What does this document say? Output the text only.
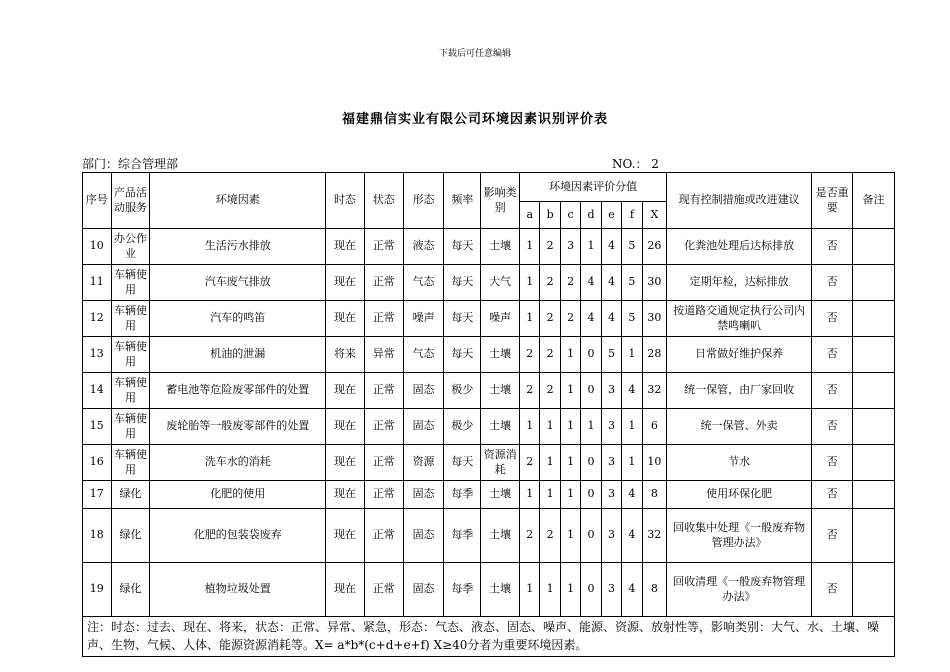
下载后可任意编辑
福建鼎信实业有限公司环境因素识别评价表
部门：综合管理部	NO.： 2
序号	产品活动服务	环境因素	时态	状态	形态	频率	影响类别	环境因素评价分值							现有控制措施或改进建议	是否重要	备注
								a	b	c	d	e	f	X			
10	办公作业	生活污水排放	现在	正常	液态	每天	土壤	1	2	3	1	4	5	26	化粪池处理后达标排放	否	
11	车辆使用	汽车废气排放	现在	正常	气态	每天	大气	1	2	2	4	4	5	30	定期年检，达标排放	否	
12	车辆使用	汽车的鸣笛	现在	正常	噪声	每天	噪声	1	2	2	4	4	5	30	按道路交通规定执行公司内禁鸣喇叭	否	
13	车辆使用	机油的泄漏	将来	异常	气态	每天	土壤	2	2	1	0	5	1	28	日常做好维护保养	否	
14	车辆使用	蓄电池等危险废零部件的处置	现在	正常	固态	极少	土壤	2	2	1	0	3	4	32	统一保管，由厂家回收	否	
15	车辆使用	废轮胎等一般废零部件的处置	现在	正常	固态	极少	土壤	1	1	1	1	3	1	6	统一保管、外卖	否	
16	车辆使用	洗车水的消耗	现在	正常	资源	每天	资源消耗	2	1	1	0	3	1	10	节水	否	
17	绿化	化肥的使用	现在	正常	固态	每季	土壤	1	1	1	0	3	4	8	使用环保化肥	否	
18	绿化	化肥的包装袋废弃	现在	正常	固态	每季	土壤	2	2	1	0	3	4	32	回收集中处理《一般废弃物管理办法》	否	
19	绿化	植物垃圾处置	现在	正常	固态	每季	土壤	1	1	1	0	3	4	8	回收清理《一般废弃物管理办法》	否	
注：时态：过去、现在、将来，状态：正常、异常、紧急，形态：气态、液态、固态、噪声、能源、资源、放射性等，影响类别：大气、水、土壤、噪声、生物、气候、人体、能源资源消耗等。X= a*b*(c+d+e+f) X≥40分者为重要环境因素。																	
